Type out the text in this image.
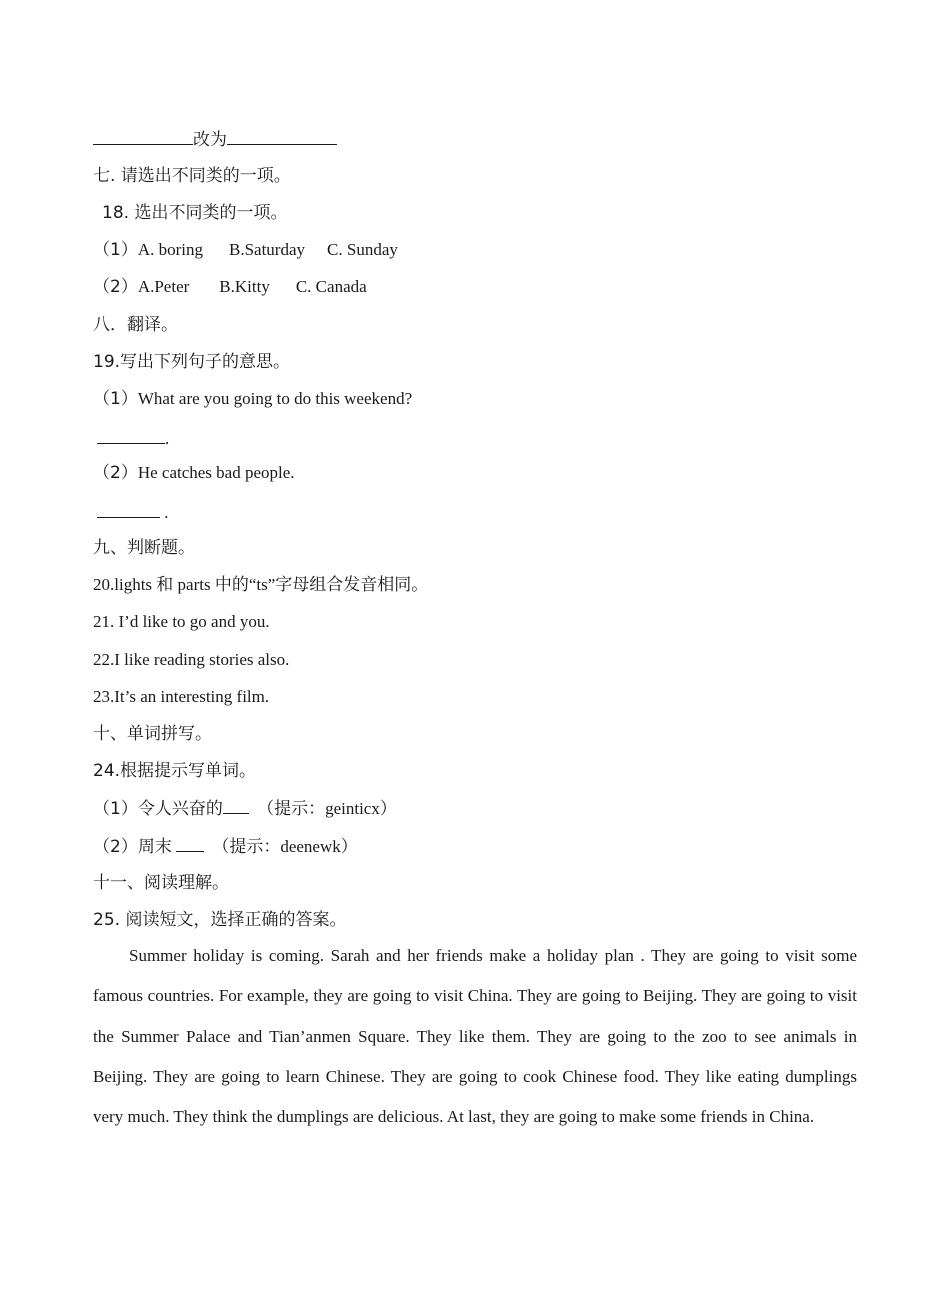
改为
七. 请选出不同类的一项。
18. 选出不同类的一项。
（1）A. boring B.Saturday C. Sunday
（2）A.Peter B.Kitty C. Canada
八．翻译。
19.写出下列句子的意思。
（1）What are you going to do this weekend?
.
（2）He catches bad people.
.
九、判断题。
20.lights 和 parts 中的“ts”字母组合发音相同。
21. I’d like to go and you.
22.I like reading stories also.
23.It’s an interesting film.
十、单词拼写。
24.根据提示写单词。
（1）令人兴奋的 （提示：geinticx）
（2）周末 （提示：deenewk）
十一、阅读理解。
25. 阅读短文，选择正确的答案。
Summer holiday is coming. Sarah and her friends make a holiday plan . They are going to visit some famous countries. For example, they are going to visit China. They are going to Beijing. They are going to visit the Summer Palace and Tian’anmen Square. They like them. They are going to the zoo to see animals in Beijing. They are going to learn Chinese. They are going to cook Chinese food. They like eating dumplings very much. They think the dumplings are delicious. At last, they are going to make some friends in China.
